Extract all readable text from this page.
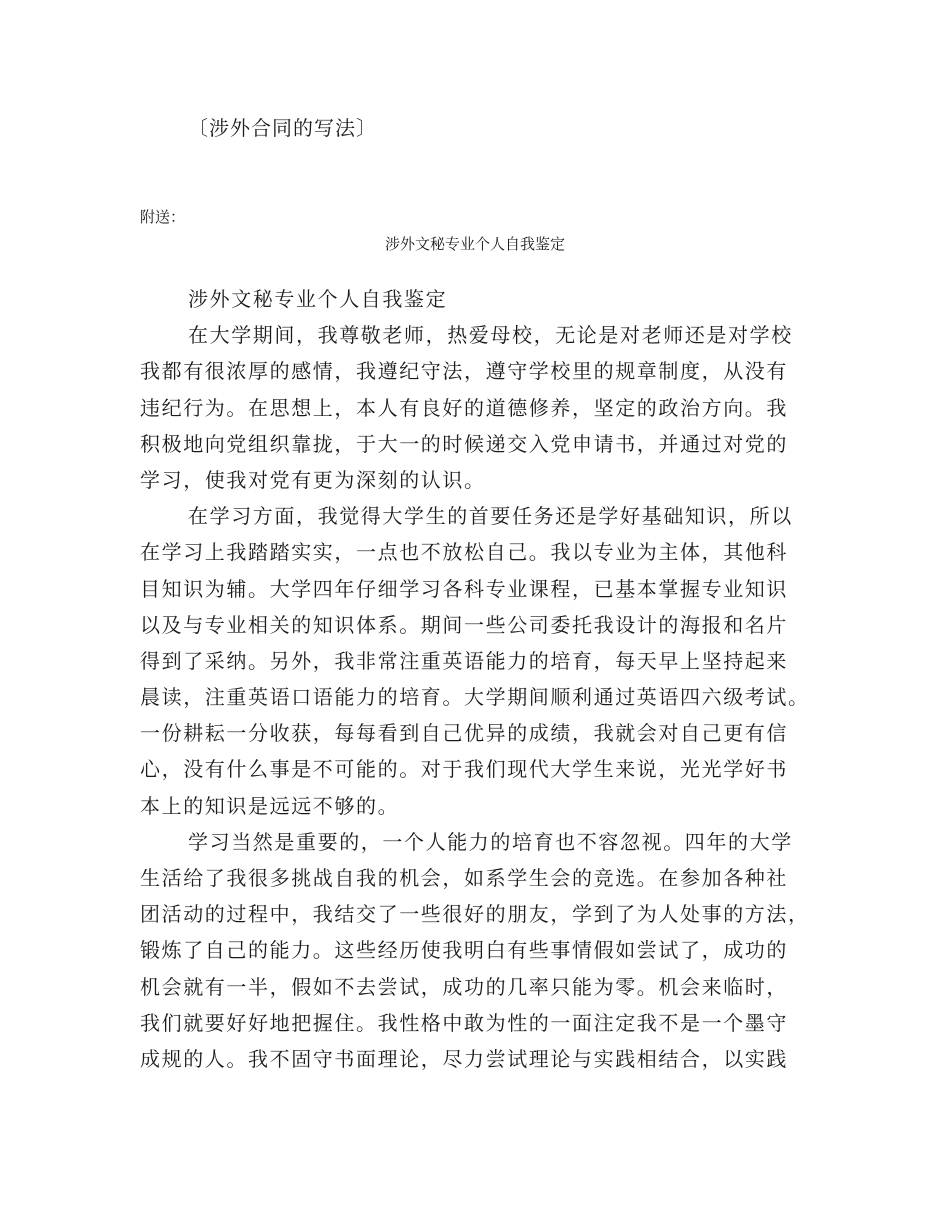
〔涉外合同的写法〕
附送：
涉外文秘专业个人自我鉴定
涉外文秘专业个人自我鉴定
在大学期间，我尊敬老师，热爱母校，无论是对老师还是对学校
我都有很浓厚的感情，我遵纪守法，遵守学校里的规章制度，从没有
违纪行为。在思想上，本人有良好的道德修养，坚定的政治方向。我
积极地向党组织靠拢，于大一的时候递交入党申请书，并通过对党的
学习，使我对党有更为深刻的认识。
在学习方面，我觉得大学生的首要任务还是学好基础知识，所以
在学习上我踏踏实实，一点也不放松自己。我以专业为主体，其他科
目知识为辅。大学四年仔细学习各科专业课程，已基本掌握专业知识
以及与专业相关的知识体系。期间一些公司委托我设计的海报和名片
得到了采纳。另外，我非常注重英语能力的培育，每天早上坚持起来
晨读，注重英语口语能力的培育。大学期间顺利通过英语四六级考试。
一份耕耘一分收获，每每看到自己优异的成绩，我就会对自己更有信
心，没有什么事是不可能的。对于我们现代大学生来说，光光学好书
本上的知识是远远不够的。
学习当然是重要的，一个人能力的培育也不容忽视。四年的大学
生活给了我很多挑战自我的机会，如系学生会的竞选。在参加各种社
团活动的过程中，我结交了一些很好的朋友，学到了为人处事的方法，
锻炼了自己的能力。这些经历使我明白有些事情假如尝试了，成功的
机会就有一半，假如不去尝试，成功的几率只能为零。机会来临时，
我们就要好好地把握住。我性格中敢为性的一面注定我不是一个墨守
成规的人。我不固守书面理论，尽力尝试理论与实践相结合，以实践
